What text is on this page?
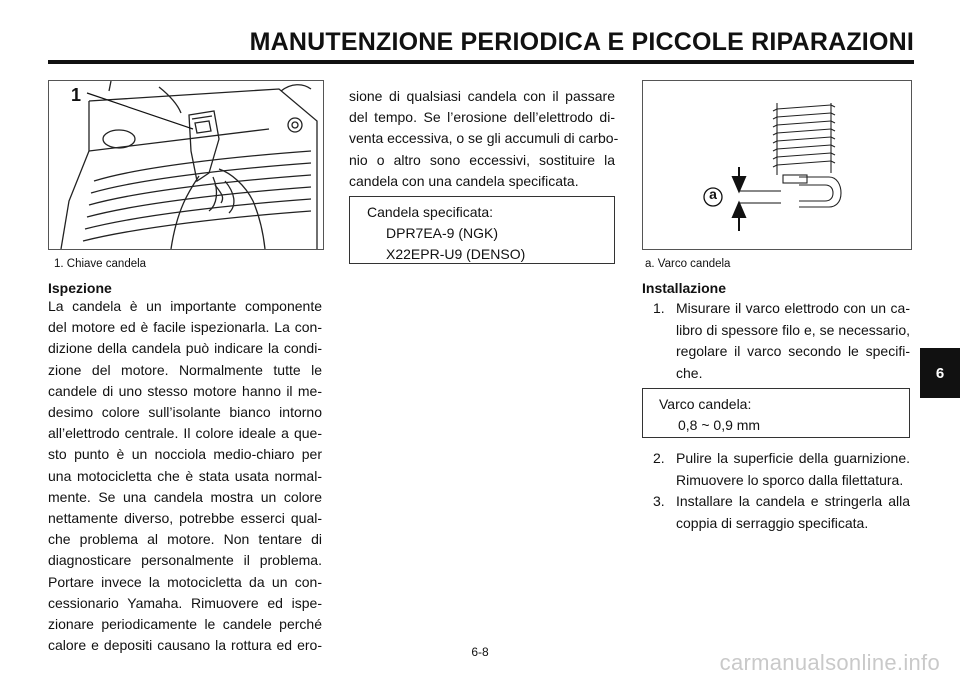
MANUTENZIONE PERIODICA E PICCOLE RIPARAZIONI
1
1. Chiave candela
Ispezione
La candela è un importante componente
del motore ed è facile ispezionarla. La con-
dizione della candela può indicare la condi-
zione del motore. Normalmente tutte le
candele di uno stesso motore hanno il me-
desimo colore sull’isolante bianco intorno
all’elettrodo centrale. Il colore ideale a que-
sto punto è un nocciola medio-chiaro per
una motocicletta che è stata usata normal-
mente. Se una candela mostra un colore
nettamente diverso, potrebbe esserci qual-
che problema al motore. Non tentare di
diagnosticare personalmente il problema.
Portare invece la motocicletta da un con-
cessionario Yamaha. Rimuovere ed ispe-
zionare periodicamente le candele perché
calore e depositi causano la rottura ed ero-
sione di qualsiasi candela con il passare
del tempo. Se l’erosione dell’elettrodo di-
venta eccessiva, o se gli accumuli di carbo-
nio o altro sono eccessivi, sostituire la
candela con una candela specificata.
Candela specificata:
DPR7EA-9 (NGK)
X22EPR-U9 (DENSO)
a
a. Varco candela
Installazione
1. Misurare il varco elettrodo con un ca-
libro di spessore filo e, se necessario,
regolare il varco secondo le specifi-
che.
Varco candela:
0,8 ~ 0,9 mm
2. Pulire la superficie della guarnizione.
Rimuovere lo sporco dalla filettatura.
3. Installare la candela e stringerla alla
coppia di serraggio specificata.
6
6-8	carmanualsonline.info
